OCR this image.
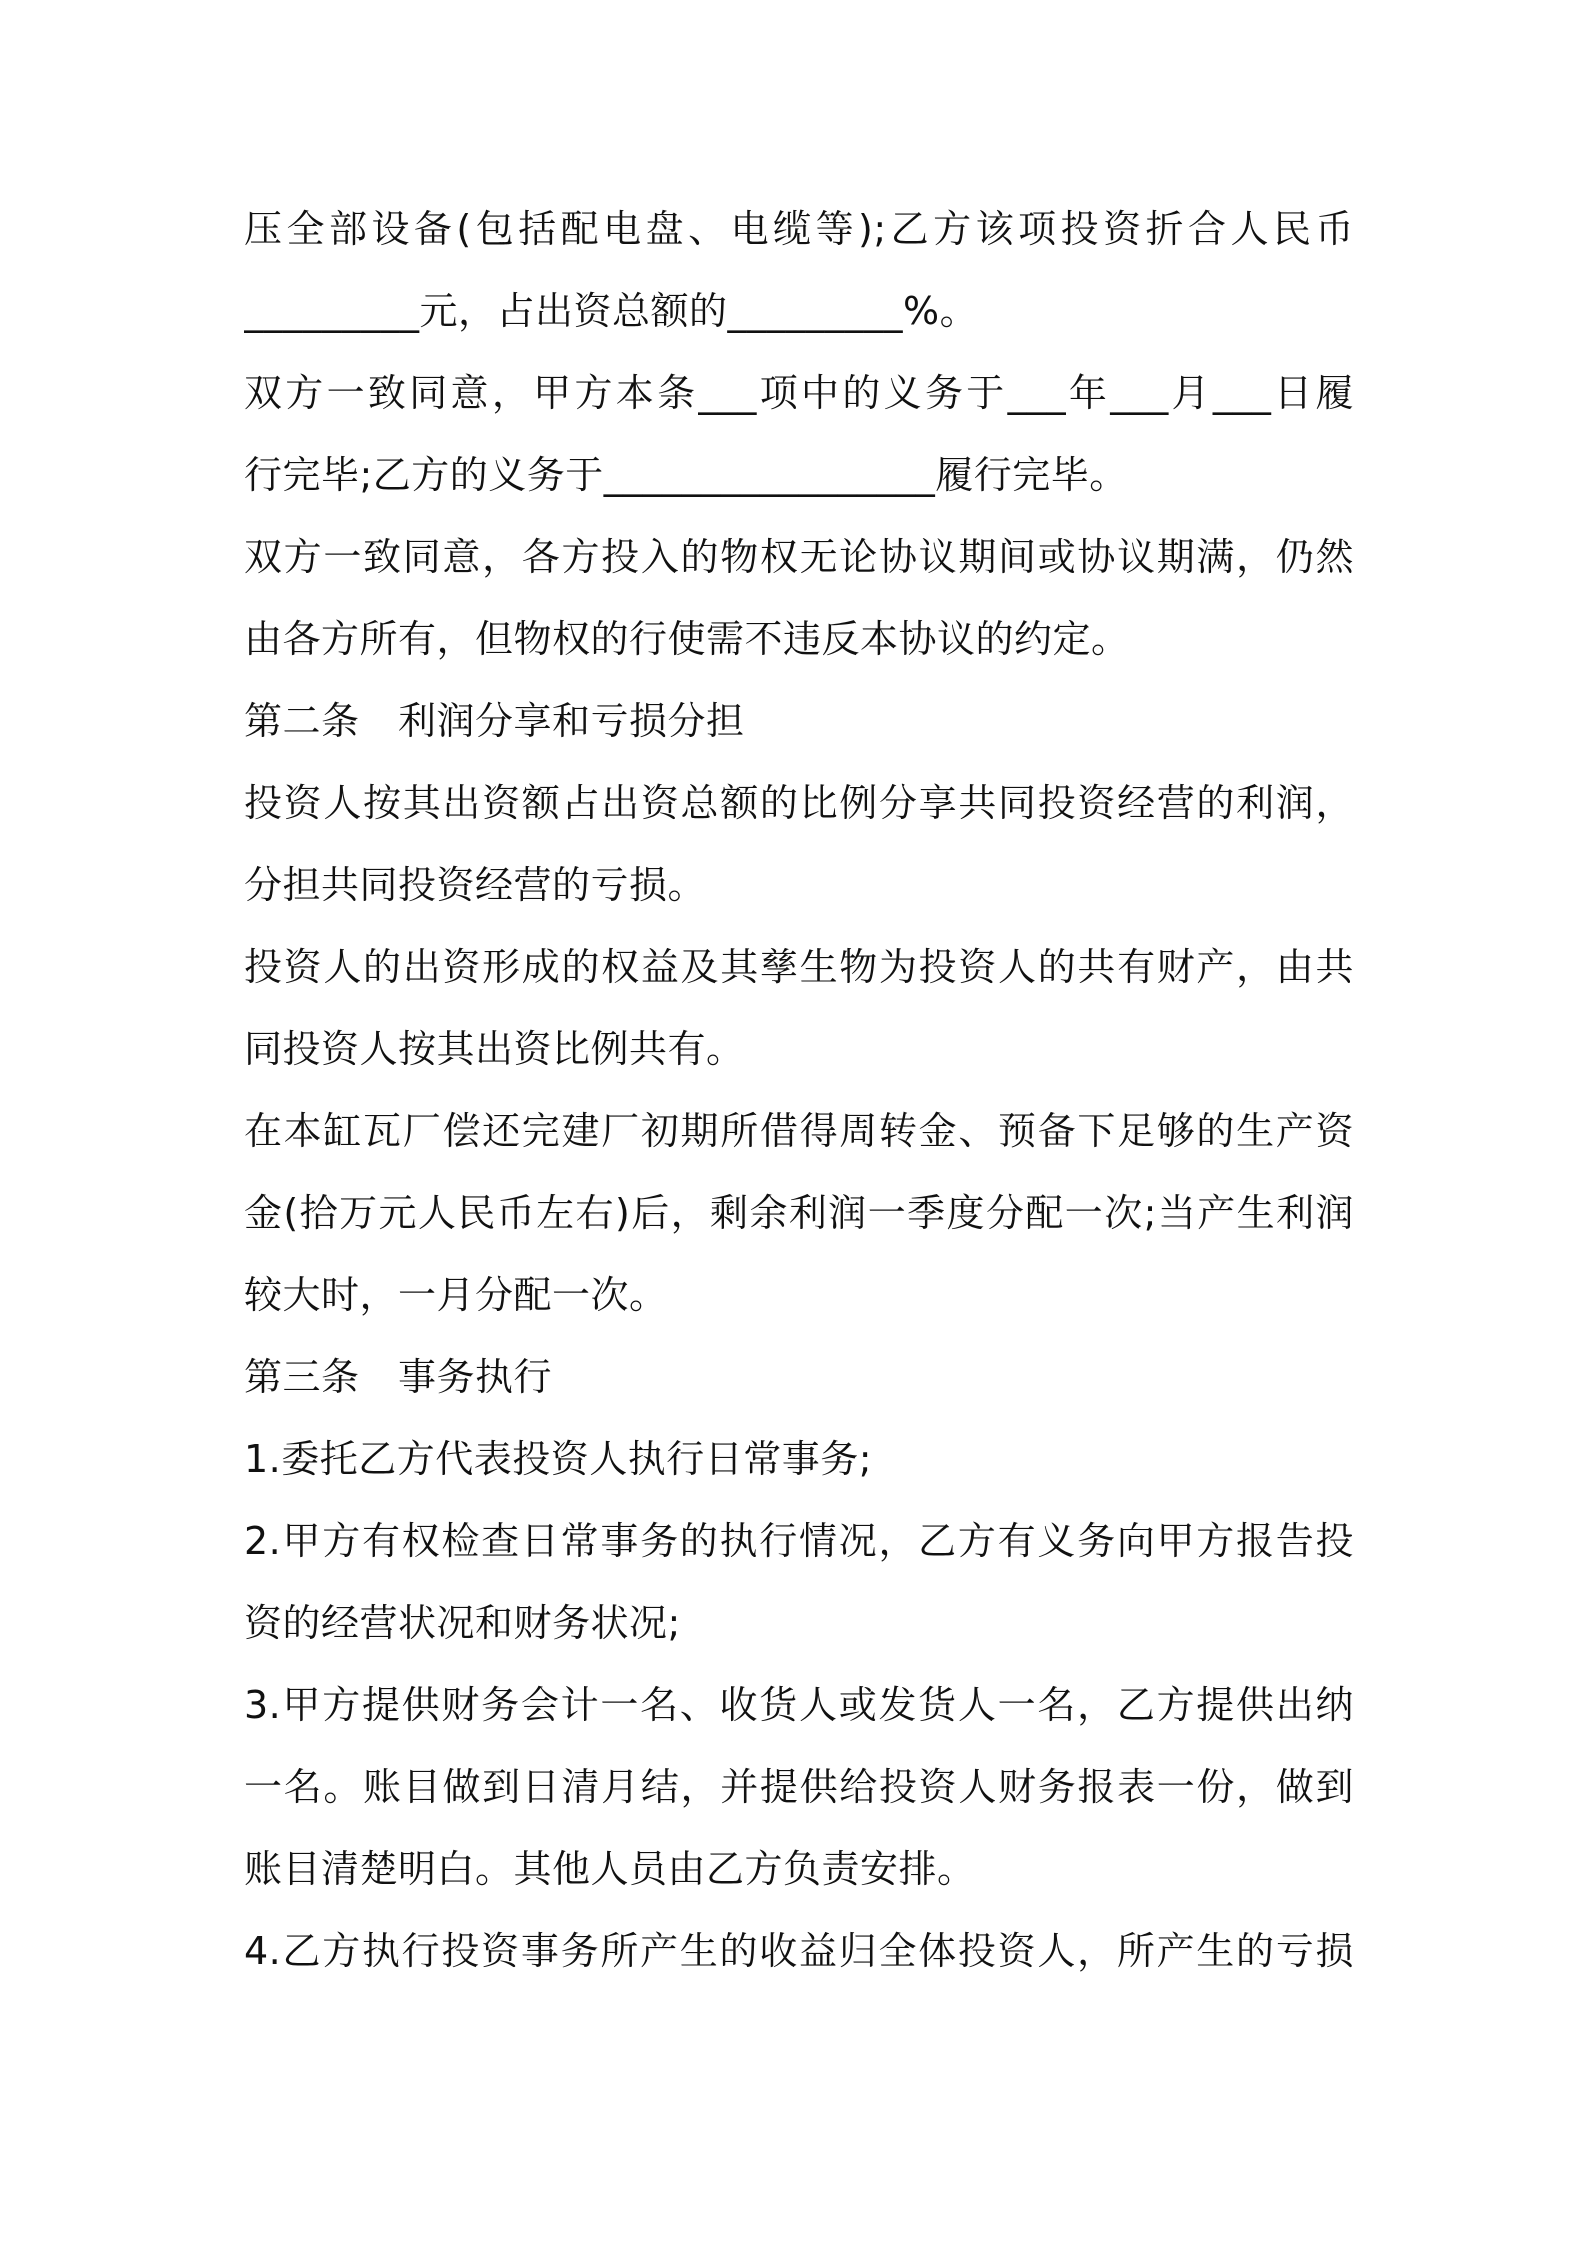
压全部设备(包括配电盘、电缆等);乙方该项投资折合人民币
_________元，占出资总额的_________%。
双方一致同意，甲方本条___项中的义务于___年___月___日履
行完毕;乙方的义务于_________________履行完毕。
双方一致同意，各方投入的物权无论协议期间或协议期满，仍然
由各方所有，但物权的行使需不违反本协议的约定。
第二条　利润分享和亏损分担
投资人按其出资额占出资总额的比例分享共同投资经营的利润，
分担共同投资经营的亏损。
投资人的出资形成的权益及其孳生物为投资人的共有财产，由共
同投资人按其出资比例共有。
在本缸瓦厂偿还完建厂初期所借得周转金、预备下足够的生产资
金(拾万元人民币左右)后，剩余利润一季度分配一次;当产生利润
较大时，一月分配一次。
第三条　事务执行
1.委托乙方代表投资人执行日常事务;
2.甲方有权检查日常事务的执行情况，乙方有义务向甲方报告投
资的经营状况和财务状况;
3.甲方提供财务会计一名、收货人或发货人一名，乙方提供出纳
一名。账目做到日清月结，并提供给投资人财务报表一份，做到
账目清楚明白。其他人员由乙方负责安排。
4.乙方执行投资事务所产生的收益归全体投资人，所产生的亏损
